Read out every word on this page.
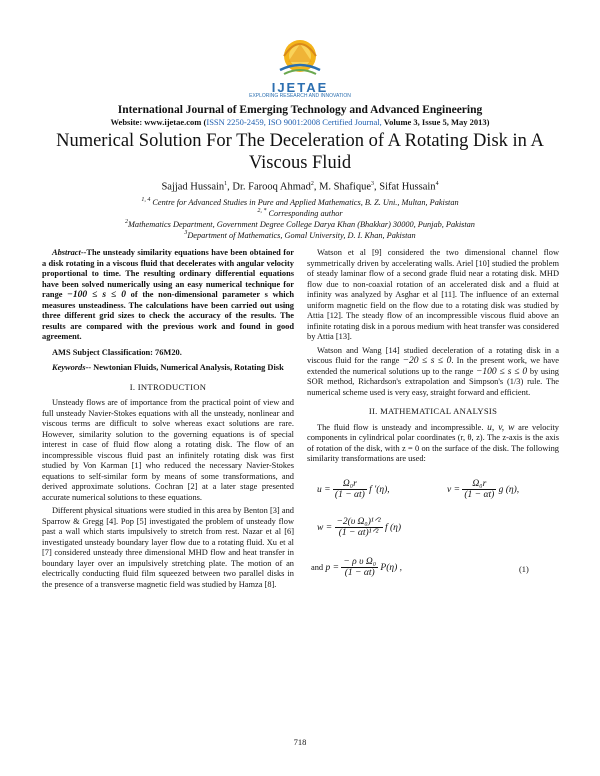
IJETAE
EXPLORING RESEARCH AND INNOVATION
International Journal of Emerging Technology and Advanced Engineering
Website: www.ijetae.com (ISSN 2250-2459, ISO 9001:2008 Certified Journal, Volume 3, Issue 5, May 2013)
Numerical Solution For The Deceleration of A Rotating Disk in A Viscous Fluid
Sajjad Hussain$^1$, Dr. Farooq Ahmad$^2$, M. Shafique$^3$, Sifat Hussain$^4$
$^{1, 4}$ Centre for Advanced Studies in Pure and Applied Mathematics, B. Z. Uni., Multan, Pakistan
$^{2, *}$ Corresponding author
$^2$Mathematics Department, Government Degree College Darya Khan (Bhakkar) 30000, Punjab, Pakistan
$^3$Department of Mathematics, Gomal University, D. I. Khan, Pakistan

Abstract--The unsteady similarity equations have been obtained for a disk rotating in a viscous fluid that decelerates with angular velocity proportional to time. The resulting ordinary differential equations have been solved numerically using an easy numerical technique for range −100 ≤ s ≤ 0 of the non-dimensional parameter s which measures unsteadiness. The calculations have been carried out using three different grid sizes to check the accuracy of the results. The results are compared with the previous work and found in good agreement.

AMS Subject Classification: 76M20.

Keywords-- Newtonian Fluids, Numerical Analysis, Rotating Disk

I. INTRODUCTION

Unsteady flows are of importance from the practical point of view and full unsteady Navier-Stokes equations with all the unsteady, nonlinear and viscous terms are difficult to solve whereas exact solutions are rare. However, similarity solution to the governing equations is of special interest in case of fluid flow along a rotating disk. The flow of an incompressible viscous fluid past an infinitely rotating disk was first studied by Von Karman [1] who reduced the necessary Navier-Stokes equations to self-similar form by means of some transformations, and derived approximate solutions. Cochran [2] at a later stage presented accurate numerical solutions to these equations.

Different physical situations were studied in this area by Benton [3] and Sparrow & Gregg [4]. Pop [5] investigated the problem of unsteady flow past a wall which starts impulsively to stretch from rest. Nazar et al [6] investigated unsteady boundary layer flow due to a rotating fluid. Xu et al [7] considered unsteady three dimensional MHD flow and heat transfer in boundary layer over an impulsively stretching plate. The motion of an electrically conducting fluid film squeezed between two parallel disks in the presence of a transverse magnetic field was studied by Hamza [8].

Watson et al [9] considered the two dimensional channel flow symmetrically driven by accelerating walls. Ariel [10] studied the problem of steady laminar flow of a second grade fluid near a rotating disk. MHD flow due to non-coaxial rotation of an accelerated disk and a fluid at infinity was analyzed by Asghar et al [11]. The influence of an external uniform magnetic field on the flow due to a rotating disk was studied by Attia [12]. The steady flow of an incompressible viscous fluid above an infinite rotating disk in a porous medium with heat transfer was considered by Attia [13].

Watson and Wang [14] studied deceleration of a rotating disk in a viscous fluid for the range −20 ≤ s ≤ 0. In the present work, we have extended the numerical solutions up to the range −100 ≤ s ≤ 0 by using SOR method, Richardson's extrapolation and Simpson's (1/3) rule. The numerical scheme used is very easy, straight forward and efficient.

II. MATHEMATICAL ANALYSIS

The fluid flow is unsteady and incompressible. u, v, w are velocity components in cylindrical polar coordinates (r, θ, z). The z-axis is the axis of rotation of the disk, with z = 0 on the surface of the disk. The following similarity transformations are used:

$u = \frac{\text{Ω₀r}}{(1 - \alpha t)}$ f ′(η),	$v = \frac{\text{Ω₀r}}{(1 - \alpha t)}$ g (η),
$w = \frac{\text{−2(υ Ω₀)¹ᐟ²}}{\text{(1 − αt)¹ᐟ²}}$ f (η)
and $p = \frac{\text{− ρ υ Ω₀}}{(1 - \alpha t)} P(\eta)$ ,	(1)
718
